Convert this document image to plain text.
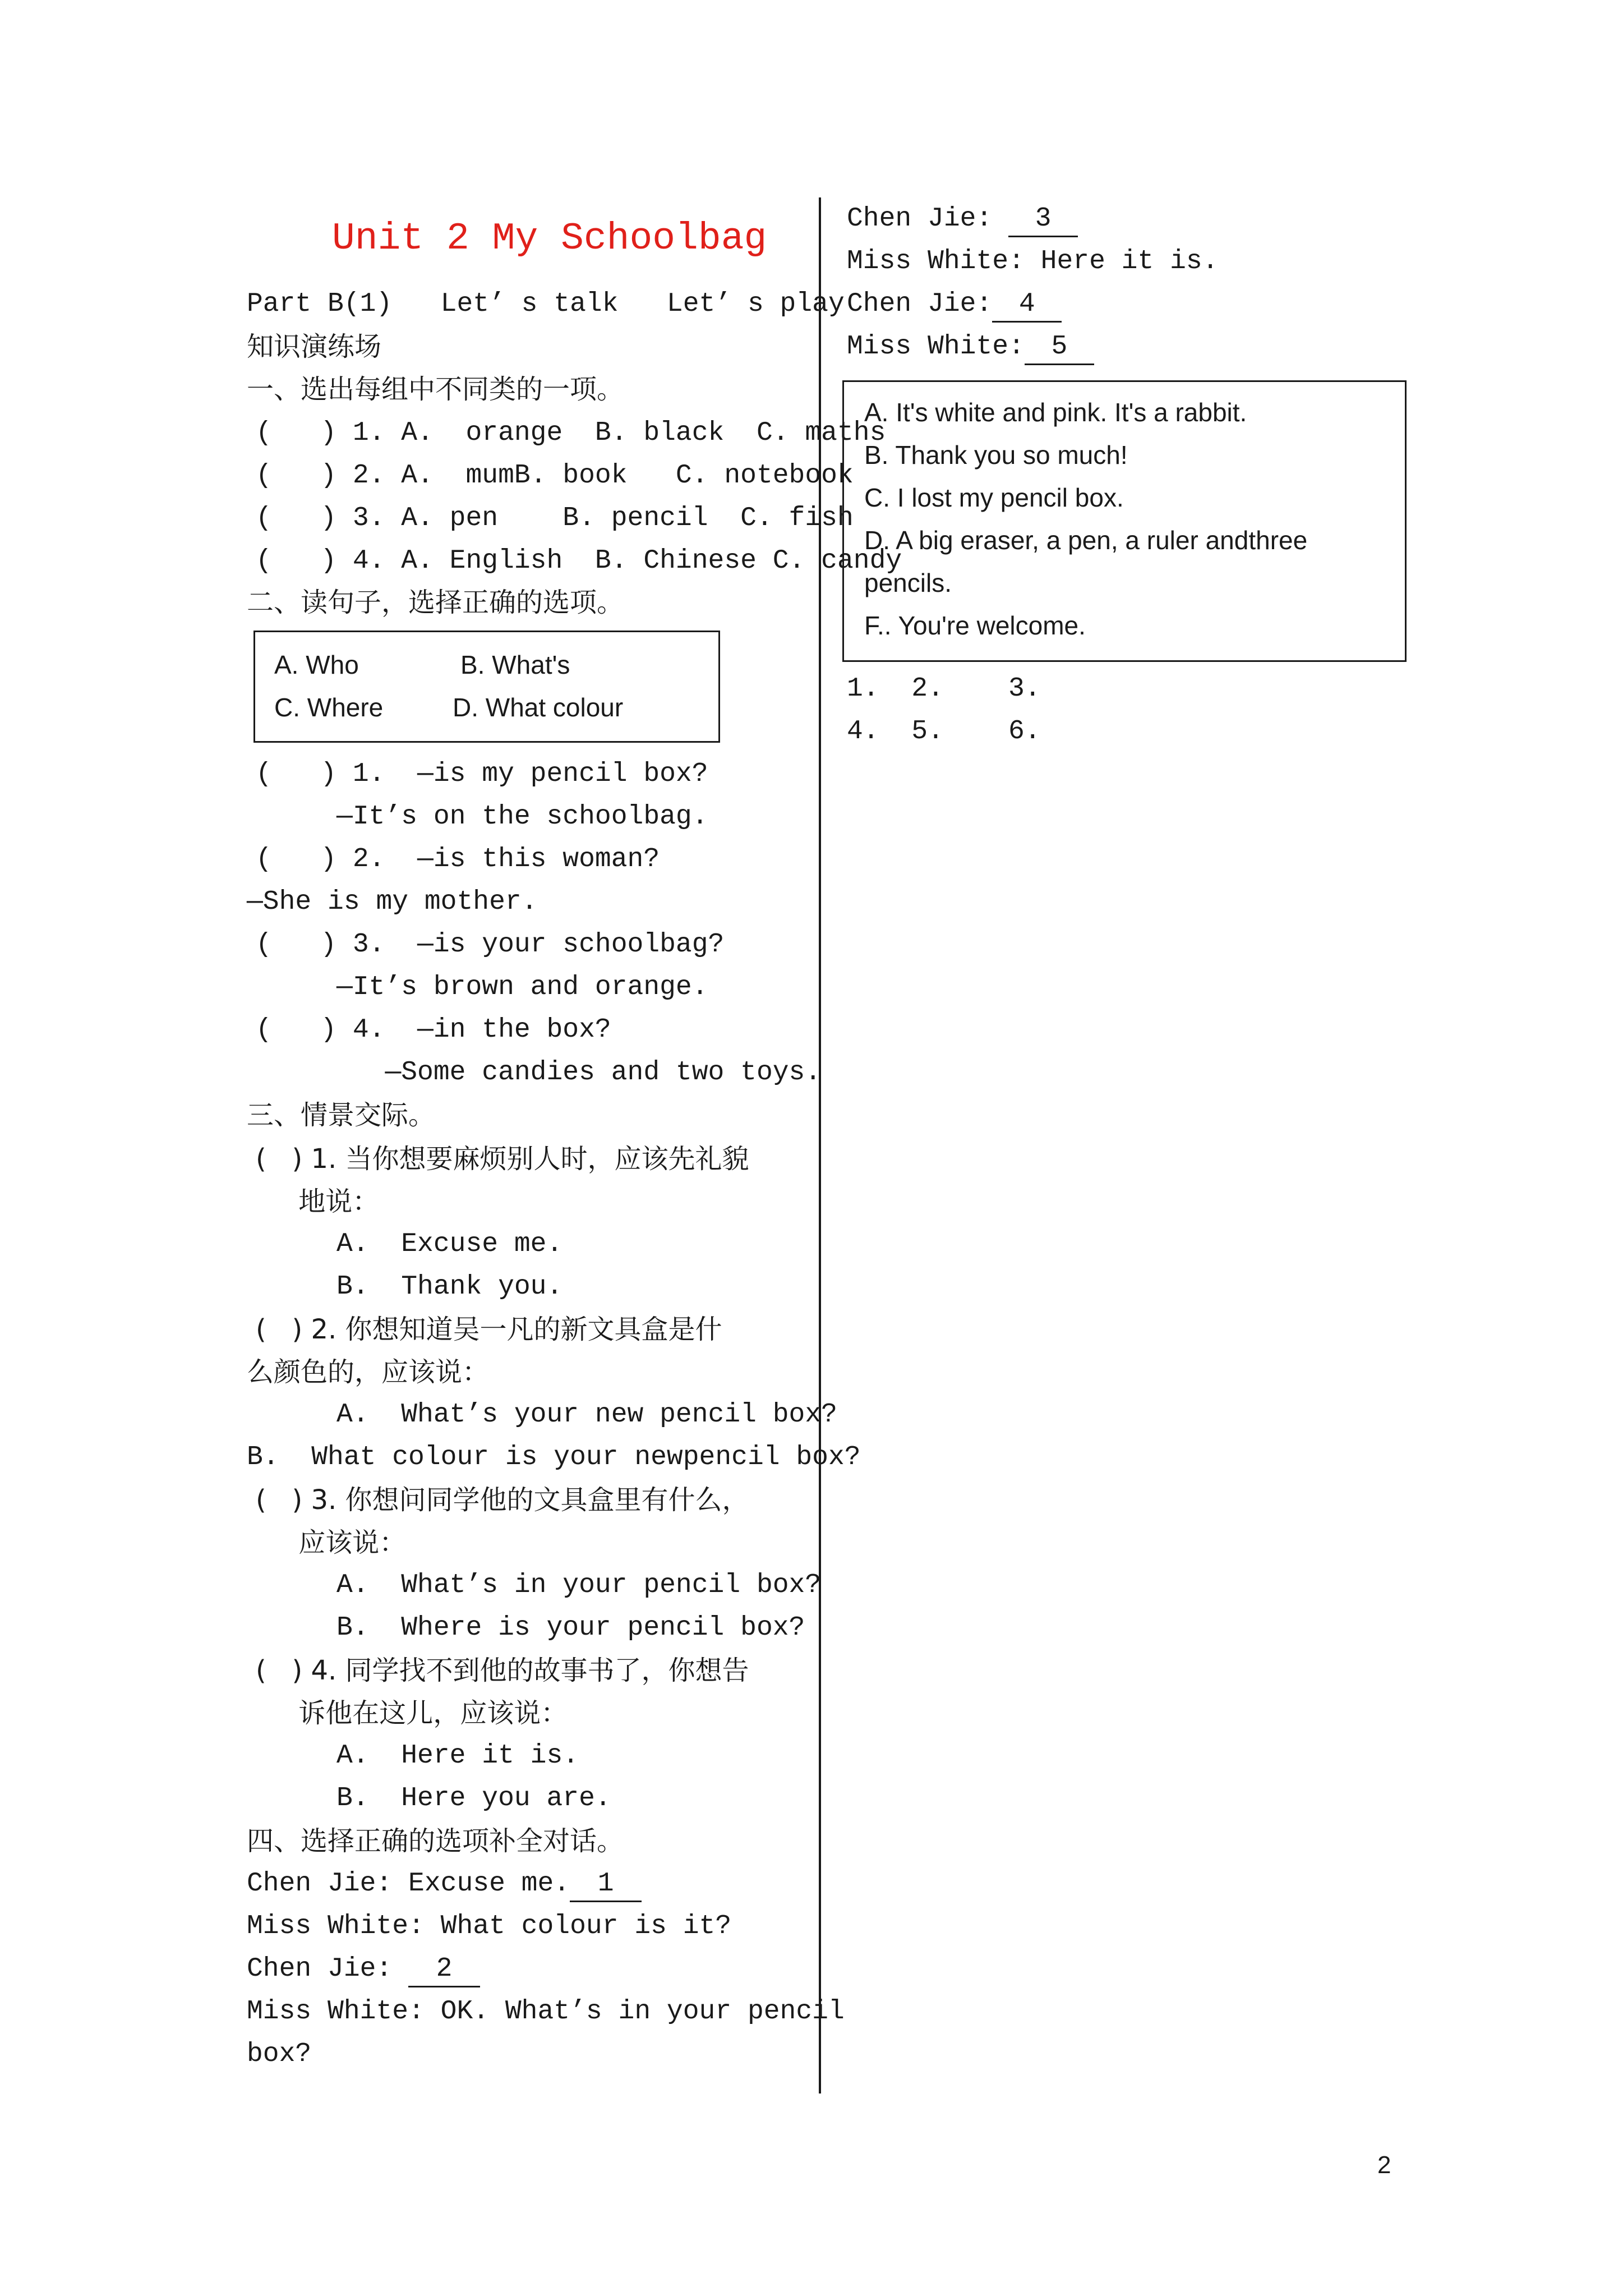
Unit 2 My Schoolbag
Part B(1)   Let’ s talk   Let’ s play
知识演练场
一、选出每组中不同类的一项。
(   ) 1. A.  orange  B. black  C. maths
(   ) 2. A.  mumB. book   C. notebook
(   ) 3. A. pen    B. pencil  C. fish
(   ) 4. A. English  B. Chinese C. candy
二、读句子，选择正确的选项。
A. Who	B. What's
C. Where	D. What colour
(   ) 1.  —is my pencil box?
—It’s on the schoolbag.
(   ) 2.  —is this woman?
—She is my mother.
(   ) 3.  —is your schoolbag?
—It’s brown and orange.
(   ) 4.  —in the box?
—Some candies and two toys.
三、情景交际。
(   ) 1. 当你想要麻烦别人时，应该先礼貌
地说：
A.  Excuse me.
B.  Thank you.
(   ) 2. 你想知道吴一凡的新文具盒是什
么颜色的，应该说：
A.  What’s your new pencil box?
B.  What colour is your newpencil box?
(   ) 3. 你想问同学他的文具盒里有什么，
应该说：
A.  What’s in your pencil box?
B.  Where is your pencil box?
(   ) 4. 同学找不到他的故事书了，你想告
诉他在这儿，应该说：
A.  Here it is.
B.  Here you are.
四、选择正确的选项补全对话。
Chen Jie: Excuse me. 1
Miss White: What colour is it?
Chen Jie: 2
Miss White: OK. What’s in your pencil
box?
Chen Jie: 3
Miss White: Here it is.
Chen Jie: 4
Miss White: 5
A. It's white and pink. It's a rabbit.
B. Thank you so much!
C. I lost my pencil box.
D. A big eraser, a pen, a ruler andthree
pencils.
F.. You're welcome.
1.  2.    3.
4.  5.    6.
2
